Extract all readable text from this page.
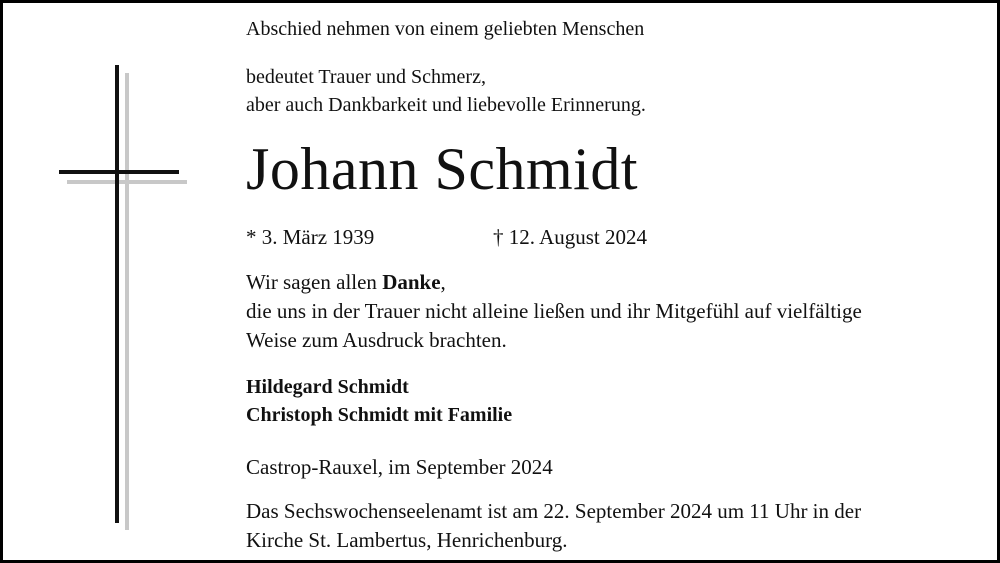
Abschied nehmen von einem geliebten Menschen
bedeutet Trauer und Schmerz,
aber auch Dankbarkeit und liebevolle Erinnerung.
Johann Schmidt
* 3. März 1939	† 12. August 2024
Wir sagen allen Danke,
die uns in der Trauer nicht alleine ließen und ihr Mitgefühl auf vielfältige
Weise zum Ausdruck brachten.
Hildegard Schmidt
Christoph Schmidt mit Familie
Castrop-Rauxel, im September 2024
Das Sechswochenseelenamt ist am 22. September 2024 um 11 Uhr in der
Kirche St. Lambertus, Henrichenburg.
